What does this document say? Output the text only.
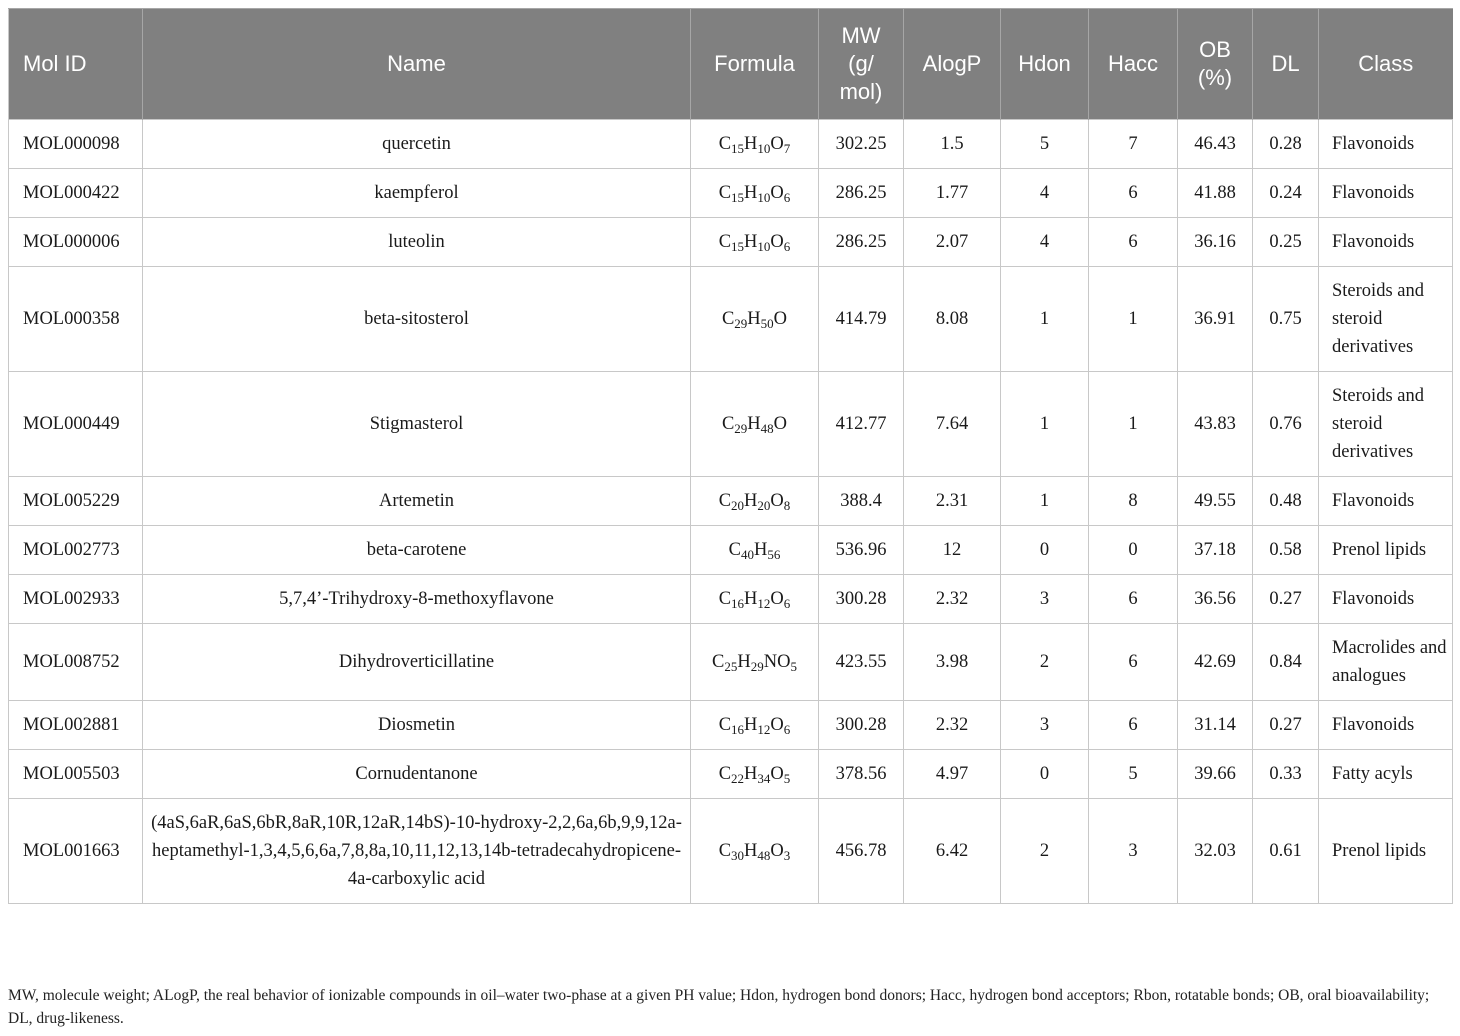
Mol ID	Name	Formula	MW (g/ mol)	AlogP	Hdon	Hacc	OB (%)	DL	Class
MOL000098	quercetin	$C_{15}H_{10}O_7$	302.25	1.5	5	7	46.43	0.28	Flavonoids
MOL000422	kaempferol	$C_{15}H_{10}O_6$	286.25	1.77	4	6	41.88	0.24	Flavonoids
MOL000006	luteolin	$C_{15}H_{10}O_6$	286.25	2.07	4	6	36.16	0.25	Flavonoids
MOL000358	beta-sitosterol	$C_{29}H_{50}O$	414.79	8.08	1	1	36.91	0.75	Steroids and steroid derivatives
MOL000449	Stigmasterol	$C_{29}H_{48}O$	412.77	7.64	1	1	43.83	0.76	Steroids and steroid derivatives
MOL005229	Artemetin	$C_{20}H_{20}O_8$	388.4	2.31	1	8	49.55	0.48	Flavonoids
MOL002773	beta-carotene	$C_{40}H_{56}$	536.96	12	0	0	37.18	0.58	Prenol lipids
MOL002933	5,7,4’-Trihydroxy-8-methoxyflavone	$C_{16}H_{12}O_6$	300.28	2.32	3	6	36.56	0.27	Flavonoids
MOL008752	Dihydroverticillatine	$C_{25}H_{29}NO_5$	423.55	3.98	2	6	42.69	0.84	Macrolides and analogues
MOL002881	Diosmetin	$C_{16}H_{12}O_6$	300.28	2.32	3	6	31.14	0.27	Flavonoids
MOL005503	Cornudentanone	$C_{22}H_{34}O_5$	378.56	4.97	0	5	39.66	0.33	Fatty acyls
MOL001663	(4aS,6aR,6aS,6bR,8aR,10R,12aR,14bS)-10-hydroxy-2,2,6a,6b,9,9,12a-heptamethyl-1,3,4,5,6,6a,7,8,8a,10,11,12,13,14b-tetradecahydropicene-4a-carboxylic acid	$C_{30}H_{48}O_3$	456.78	6.42	2	3	32.03	0.61	Prenol lipids
MW, molecule weight; ALogP, the real behavior of ionizable compounds in oil–water two-phase at a given PH value; Hdon, hydrogen bond donors; Hacc, hydrogen bond acceptors; Rbon, rotatable bonds; OB, oral bioavailability; DL, drug-likeness.
